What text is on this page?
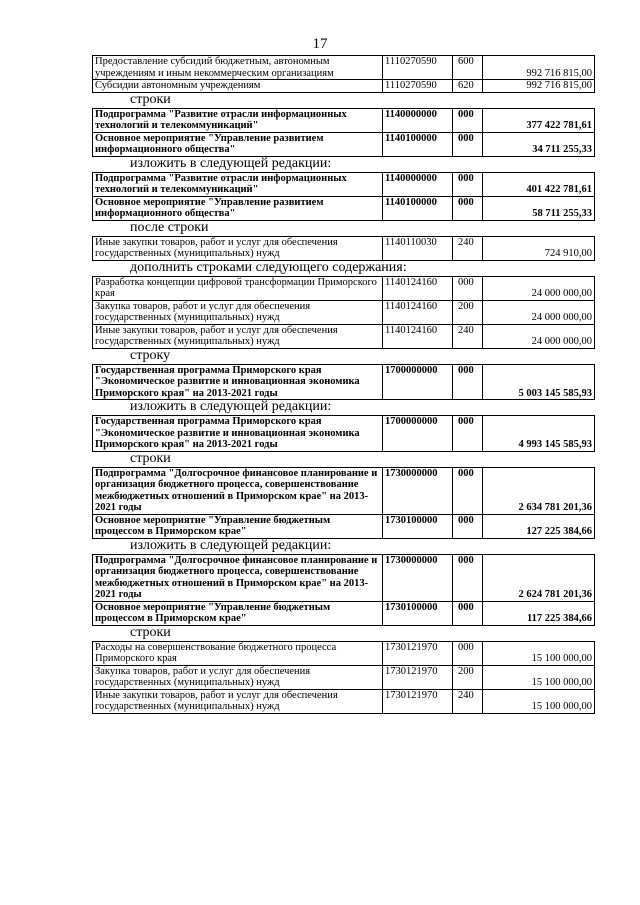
17
Предоставление субсидий бюджетным, автономным учреждениям и иным некоммерческим организациям	1110270590	600	992 716 815,00
Субсидии автономным учреждениям	1110270590	620	992 716 815,00
строки
Подпрограмма "Развитие отрасли информационных технологий и телекоммуникаций"	1140000000	000	377 422 781,61
Основное мероприятие "Управление развитием информационного общества"	1140100000	000	34 711 255,33
изложить в следующей редакции:
Подпрограмма "Развитие отрасли информационных технологий и телекоммуникаций"	1140000000	000	401 422 781,61
Основное мероприятие "Управление развитием информационного общества"	1140100000	000	58 711 255,33
после строки
Иные закупки товаров, работ и услуг для обеспечения государственных (муниципальных) нужд	1140110030	240	724 910,00
дополнить строками следующего содержания:
Разработка концепции цифровой трансформации Приморского края	1140124160	000	24 000 000,00
Закупка товаров, работ и услуг для обеспечения государственных (муниципальных) нужд	1140124160	200	24 000 000,00
Иные закупки товаров, работ и услуг для обеспечения государственных (муниципальных) нужд	1140124160	240	24 000 000,00
строку
Государственная программа Приморского края "Экономическое развитие и инновационная экономика Приморского края" на 2013-2021 годы	1700000000	000	5 003 145 585,93
изложить в следующей редакции:
Государственная программа Приморского края "Экономическое развитие и инновационная экономика Приморского края" на 2013-2021 годы	1700000000	000	4 993 145 585,93
строки
Подпрограмма "Долгосрочное финансовое планирование и организация бюджетного процесса, совершенствование межбюджетных отношений в Приморском крае" на 2013-2021 годы	1730000000	000	2 634 781 201,36
Основное мероприятие "Управление бюджетным процессом в Приморском крае"	1730100000	000	127 225 384,66
изложить в следующей редакции:
Подпрограмма "Долгосрочное финансовое планирование и организация бюджетного процесса, совершенствование межбюджетных отношений в Приморском крае" на 2013-2021 годы	1730000000	000	2 624 781 201,36
Основное мероприятие "Управление бюджетным процессом в Приморском крае"	1730100000	000	117 225 384,66
строки
Расходы на совершенствование бюджетного процесса Приморского края	1730121970	000	15 100 000,00
Закупка товаров, работ и услуг для обеспечения государственных (муниципальных) нужд	1730121970	200	15 100 000,00
Иные закупки товаров, работ и услуг для обеспечения государственных (муниципальных) нужд	1730121970	240	15 100 000,00
